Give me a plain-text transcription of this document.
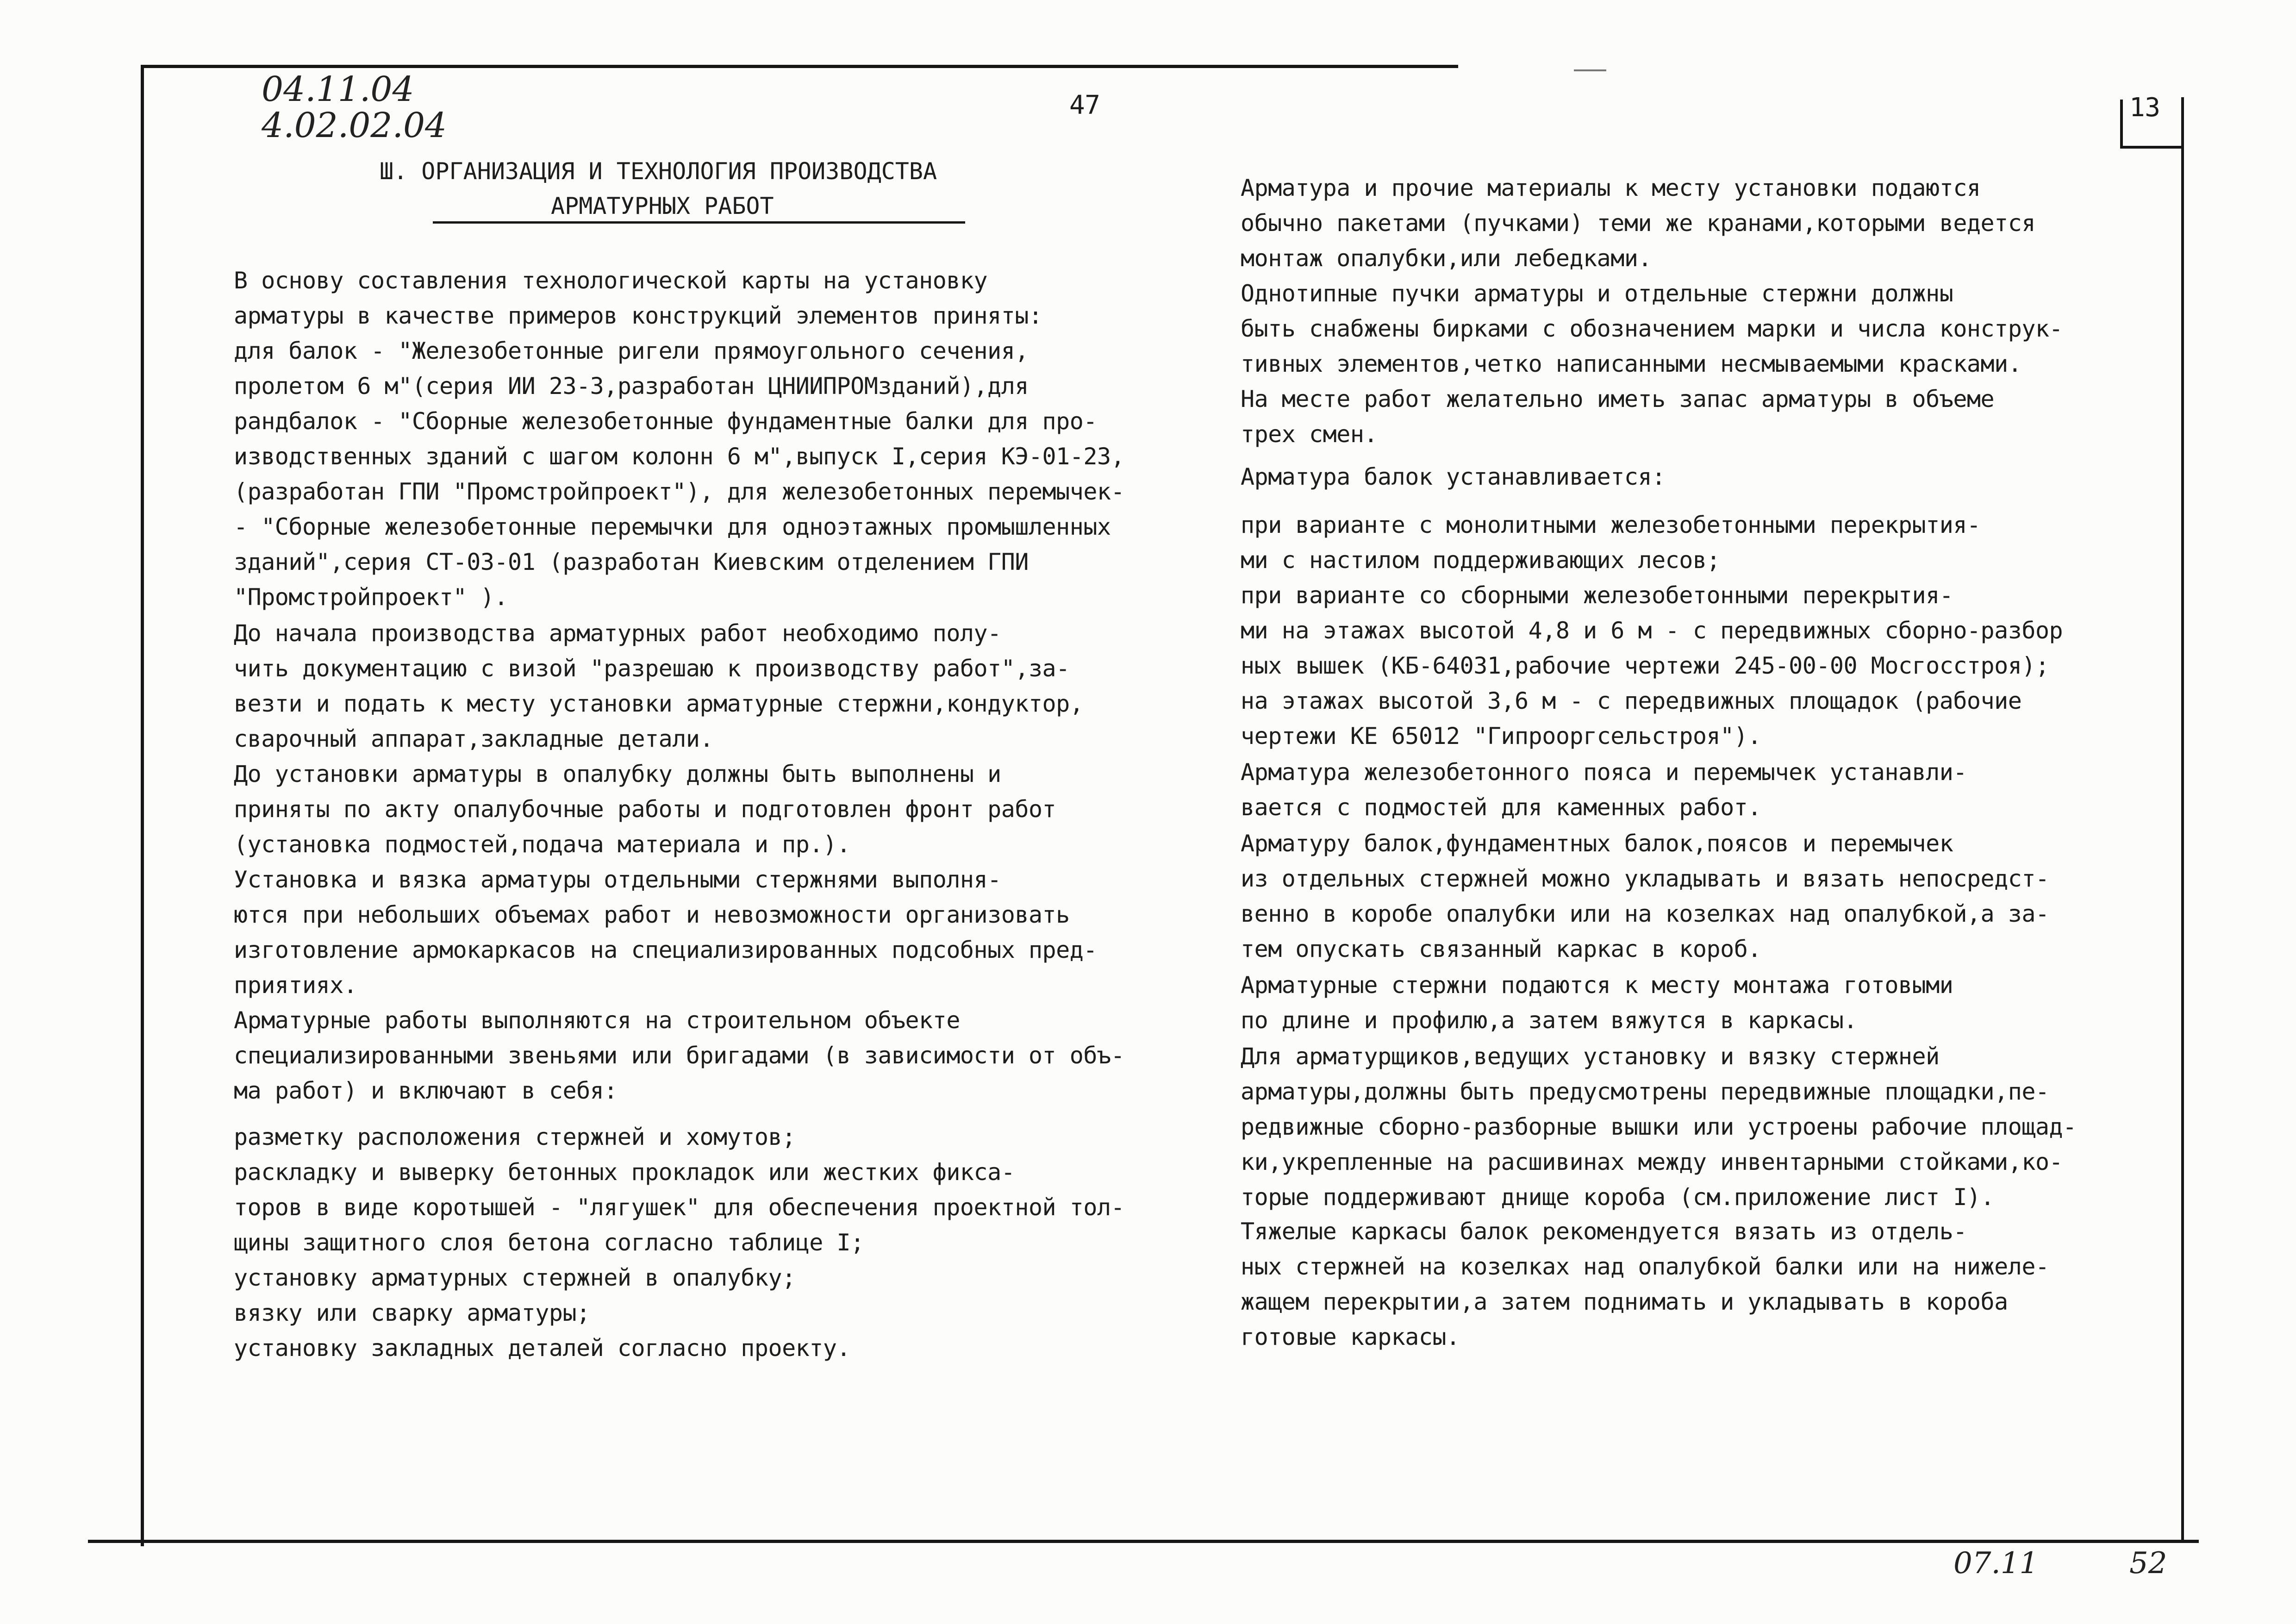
04.11.04
4.02.02.04
47	13
Ш. ОРГАНИЗАЦИЯ И ТЕХНОЛОГИЯ ПРОИЗВОДСТВА
АРМАТУРНЫХ РАБОТ
В основу составления технологической карты на установку
арматуры в качестве примеров конструкций элементов приняты:
для балок - "Железобетонные ригели прямоугольного сечения,
пролетом 6 м"(серия ИИ 23-3,разработан ЦНИИПРОМзданий),для
рандбалок - "Сборные железобетонные фундаментные балки для про-
изводственных зданий с шагом колонн 6 м",выпуск I,серия КЭ-01-23,
(разработан ГПИ "Промстройпроект"), для железобетонных перемычек-
- "Сборные железобетонные перемычки для одноэтажных промышленных
зданий",серия СТ-03-01 (разработан Киевским отделением ГПИ
"Промстройпроект" ).
До начала производства арматурных работ необходимо полу-
чить документацию с визой "разрешаю к производству работ",за-
везти и подать к месту установки арматурные стержни,кондуктор,
сварочный аппарат,закладные детали.
До установки арматуры в опалубку должны быть выполнены и
приняты по акту опалубочные работы и подготовлен фронт работ
(установка подмостей,подача материала и пр.).
Установка и вязка арматуры отдельными стержнями выполня-
ются при небольших объемах работ и невозможности организовать
изготовление армокаркасов на специализированных подсобных пред-
приятиях.
Арматурные работы выполняются на строительном объекте
специализированными звеньями или бригадами (в зависимости от объ-
ма работ) и включают в себя:
разметку расположения стержней и хомутов;
раскладку и выверку бетонных прокладок или жестких фикса-
торов в виде коротышей - "лягушек" для обеспечения проектной тол-
щины защитного слоя бетона согласно таблице I;
установку арматурных стержней в опалубку;
вязку или сварку арматуры;
установку закладных деталей согласно проекту.
Арматура и прочие материалы к месту установки подаются
обычно пакетами (пучками) теми же кранами,которыми ведется
монтаж опалубки,или лебедками.
Однотипные пучки арматуры и отдельные стержни должны
быть снабжены бирками с обозначением марки и числа конструк-
тивных элементов,четко написанными несмываемыми красками.
На месте работ желательно иметь запас арматуры в объеме
трех смен.
Арматура балок устанавливается:
при варианте с монолитными железобетонными перекрытия-
ми с настилом поддерживающих лесов;
при варианте со сборными железобетонными перекрытия-
ми на этажах высотой 4,8 и 6 м - с передвижных сборно-разбор
ных вышек (КБ-64031,рабочие чертежи 245-00-00 Мосгосстроя);
на этажах высотой 3,6 м - с передвижных площадок (рабочие
чертежи КЕ 65012 "Гипрооргсельстроя").
Арматура железобетонного пояса и перемычек устанавли-
вается с подмостей для каменных работ.
Арматуру балок,фундаментных балок,поясов и перемычек
из отдельных стержней можно укладывать и вязать непосредст-
венно в коробе опалубки или на козелках над опалубкой,а за-
тем опускать связанный каркас в короб.
Арматурные стержни подаются к месту монтажа готовыми
по длине и профилю,а затем вяжутся в каркасы.
Для арматурщиков,ведущих установку и вязку стержней
арматуры,должны быть предусмотрены передвижные площадки,пе-
редвижные сборно-разборные вышки или устроены рабочие площад-
ки,укрепленные на расшивинах между инвентарными стойками,ко-
торые поддерживают днище короба (см.приложение лист I).
Тяжелые каркасы балок рекомендуется вязать из отдель-
ных стержней на козелках над опалубкой балки или на нижеле-
жащем перекрытии,а затем поднимать и укладывать в короба
готовые каркасы.
07.11	52
